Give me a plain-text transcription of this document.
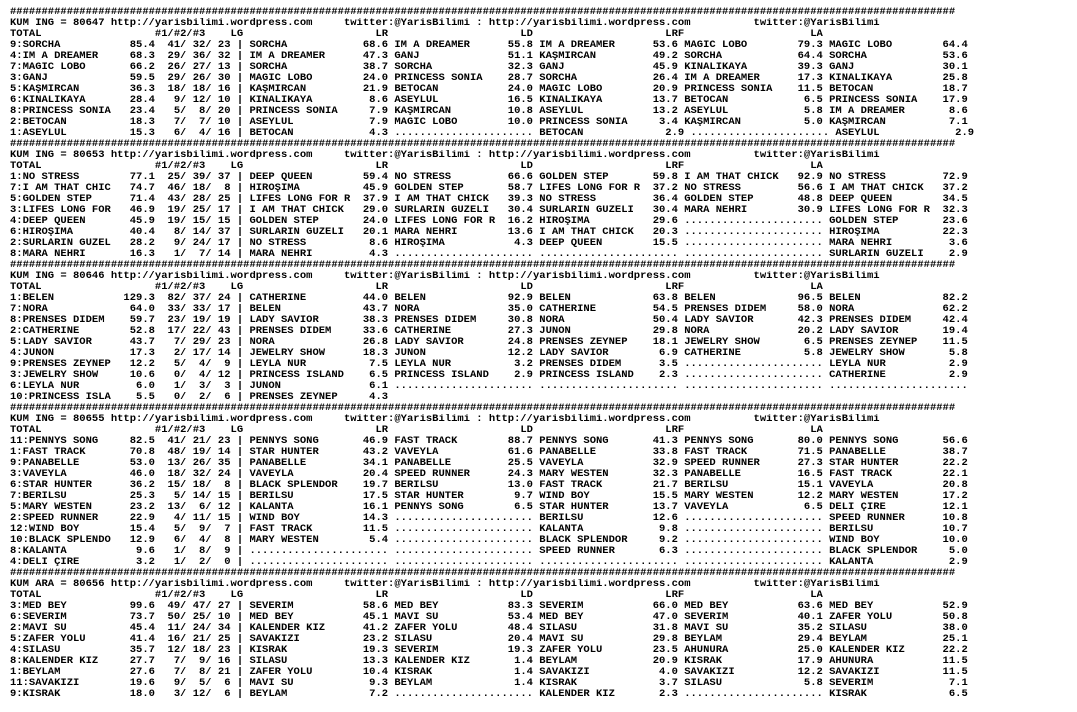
######################################################################################################################################################
KUM ING = 80647 http://yarisbilimi.wordpress.com     twitter:@YarisBilimi : http://yarisbilimi.wordpress.com          twitter:@YarisBilimi
TOTAL                  #1/#2/#3    LG                     LR                     LD                     LRF                    LA
9:SORCHA           85.4  41/ 32/ 23 | SORCHA            68.6 IM A DREAMER      55.8 IM A DREAMER      53.6 MAGIC LOBO        79.3 MAGIC LOBO        64.4
4:IM A DREAMER     68.3  29/ 36/ 32 | IM A DREAMER      47.3 GANJ              51.1 KAŞMIRCAN         49.2 SORCHA            64.4 SORCHA            53.6
7:MAGIC LOBO       66.2  26/ 27/ 13 | SORCHA            38.7 SORCHA            32.3 GANJ              45.9 KINALIKAYA        39.3 GANJ              30.1
3:GANJ             59.5  29/ 26/ 30 | MAGIC LOBO        24.0 PRINCESS SONIA    28.7 SORCHA            26.4 IM A DREAMER      17.3 KINALIKAYA        25.8
5:KAŞMIRCAN        36.3  18/ 18/ 16 | KAŞMIRCAN         21.9 BETOCAN           24.0 MAGIC LOBO        20.9 PRINCESS SONIA    11.5 BETOCAN           18.7
6:KINALIKAYA       28.4   9/ 12/ 10 | KINALIKAYA         8.6 ASEYLÜL           16.5 KINALIKAYA        13.7 BETOCAN            6.5 PRINCESS SONIA    17.9
8:PRINCESS SONIA   23.4   5/  8/ 20 | PRINCESS SONIA     7.9 KAŞMIRCAN         10.8 ASEYLÜL           13.2 ASEYLÜL            5.8 IM A DREAMER       8.6
2:BETOCAN          18.3   7/  7/ 10 | ASEYLÜL            7.9 MAGIC LOBO        10.0 PRINCESS SONIA     3.4 KAŞMIRCAN          5.0 KAŞMIRCAN          7.1
1:ASEYLÜL          15.3   6/  4/ 16 | BETOCAN            4.3 ...................... BETOCAN             2.9 ...................... ASEYLÜL            2.9
######################################################################################################################################################
KUM ING = 80653 http://yarisbilimi.wordpress.com     twitter:@YarisBilimi : http://yarisbilimi.wordpress.com          twitter:@YarisBilimi
TOTAL                  #1/#2/#3    LG                     LR                     LD                     LRF                    LA
1:NO STRESS        77.1  25/ 39/ 37 | DEEP QUEEN        59.4 NO STRESS         66.6 GOLDEN STEP       59.8 I AM THAT CHICK   92.9 NO STRESS         72.9
7:I AM THAT CHIC   74.7  46/ 18/  8 | HİROŞİMA          45.9 GOLDEN STEP       58.7 LIFES LONG FOR R  37.2 NO STRESS         56.6 I AM THAT CHICK   37.2
5:GOLDEN STEP      71.4  43/ 28/ 25 | LIFES LONG FOR R  37.9 I AM THAT CHICK   39.3 NO STRESS         36.4 GOLDEN STEP       48.8 DEEP QUEEN        34.5
3:LIFES LONG FOR   46.9  19/ 25/ 17 | I AM THAT CHICK   29.0 SURLARIN GÜZELİ   30.4 SURLARIN GÜZELİ   30.4 MARA NEHRİ        30.9 LIFES LONG FOR R  32.3
4:DEEP QUEEN       45.9  19/ 15/ 15 | GOLDEN STEP       24.0 LIFES LONG FOR R  16.2 HİROŞİMA          29.6 ...................... GOLDEN STEP       23.6
6:HİROŞİMA         40.4   8/ 14/ 37 | SURLARIN GÜZELİ   20.1 MARA NEHRİ        13.6 I AM THAT CHICK   20.3 ...................... HİROŞİMA          22.3
2:SURLARIN GÜZEL   28.2   9/ 24/ 17 | NO STRESS          8.6 HİROŞİMA           4.3 DEEP QUEEN        15.5 ...................... MARA NEHRİ         3.6
8:MARA NEHRİ       16.3   1/  7/ 14 | MARA NEHRİ         4.3 ...................... ...................... ...................... SURLARIN GÜZELİ    2.9
######################################################################################################################################################
KUM ING = 80646 http://yarisbilimi.wordpress.com     twitter:@YarisBilimi : http://yarisbilimi.wordpress.com          twitter:@YarisBilimi
TOTAL                  #1/#2/#3    LG                     LR                     LD                     LRF                    LA
1:BELEN           129.3  82/ 37/ 24 | CATHERINE         44.0 BELEN             92.9 BELEN             63.8 BELEN             96.5 BELEN             82.2
7:NORA             64.0  33/ 33/ 17 | BELEN             43.7 NORA              35.0 CATHERINE         54.5 PRENSES DİDEM     58.0 NORA              62.2
8:PRENSES DİDEM    59.7  23/ 19/ 19 | LADY SAVIOR       38.3 PRENSES DİDEM     30.8 NORA              50.4 LADY SAVIOR       42.3 PRENSES DİDEM     42.4
2:CATHERINE        52.8  17/ 22/ 43 | PRENSES DİDEM     33.6 CATHERINE         27.3 JUNON             29.8 NORA              20.2 LADY SAVIOR       19.4
5:LADY SAVIOR      43.7   7/ 29/ 23 | NORA              26.8 LADY SAVIOR       24.8 PRENSES ZEYNEP    18.1 JEWELRY SHOW       6.5 PRENSES ZEYNEP    11.5
4:JUNON            17.3   2/ 17/ 14 | JEWELRY SHOW      18.3 JUNON             12.2 LADY SAVIOR        6.9 CATHERINE          5.8 JEWELRY SHOW       5.8
9:PRENSES ZEYNEP   12.2   5/  4/  9 | LEYLA NUR          7.5 LEYLA NUR          3.2 PRENSES DİDEM      3.5 ...................... LEYLA NUR          2.9
3:JEWELRY SHOW     10.6   0/  4/ 12 | PRINCESS ISLAND    6.5 PRINCESS ISLAND    2.9 PRINCESS ISLAND    2.3 ...................... CATHERINE          2.9
6:LEYLA NUR         6.0   1/  3/  3 | JUNON              6.1 ...................... ...................... ...................... ......................
10:PRINCESS ISLA    5.5   0/  2/  6 | PRENSES ZEYNEP     4.3
######################################################################################################################################################
KUM ING = 80655 http://yarisbilimi.wordpress.com     twitter:@YarisBilimi : http://yarisbilimi.wordpress.com          twitter:@YarisBilimi
TOTAL                  #1/#2/#3    LG                     LR                     LD                     LRF                    LA
11:PENNYS SONG     82.5  41/ 21/ 23 | PENNYS SONG       46.9 FAST TRACK        88.7 PENNYS SONG       41.3 PENNYS SONG       80.0 PENNYS SONG       56.6
1:FAST TRACK       70.8  48/ 19/ 14 | STAR HUNTER       43.2 VAVEYLA           61.6 PANABELLE         33.8 FAST TRACK        71.5 PANABELLE         38.7
9:PANABELLE        53.0  13/ 26/ 35 | PANABELLE         34.1 PANABELLE         25.5 VAVEYLA           32.9 SPEED RUNNER      27.3 STAR HUNTER       22.2
3:VAVEYLA          46.0  18/ 32/ 24 | VAVEYLA           20.4 SPEED RUNNER      24.3 MARY WESTEN       32.3 PANABELLE         16.5 FAST TRACK        22.1
6:STAR HUNTER      36.2  15/ 18/  8 | BLACK SPLENDOR    19.7 BERİLSU           13.0 FAST TRACK        21.7 BERİLSU           15.1 VAVEYLA           20.8
7:BERİLSU          25.3   5/ 14/ 15 | BERİLSU           17.5 STAR HUNTER        9.7 WIND BOY          15.5 MARY WESTEN       12.2 MARY WESTEN       17.2
5:MARY WESTEN      23.2  13/  6/ 12 | KALANTA           16.1 PENNYS SONG        6.5 STAR HUNTER       13.7 VAVEYLA            6.5 DELİ ÇİRE         12.1
2:SPEED RUNNER     22.9   4/ 11/ 15 | WIND BOY          14.3 ...................... BERİLSU           12.6 ...................... SPEED RUNNER      10.8
12:WIND BOY        15.4   5/  9/  7 | FAST TRACK        11.5 ...................... KALANTA            9.8 ...................... BERİLSU           10.7
10:BLACK SPLENDO   12.9   6/  4/  8 | MARY WESTEN        5.4 ...................... BLACK SPLENDOR     9.2 ...................... WIND BOY          10.0
8:KALANTA           9.6   1/  8/  9 | ...................... ...................... SPEED RUNNER       6.3 ...................... BLACK SPLENDOR     5.0
4:DELİ ÇİRE         3.2   1/  2/  0 | ...................... ...................... ...................... ...................... KALANTA            2.9
######################################################################################################################################################
KUM ARA = 80656 http://yarisbilimi.wordpress.com     twitter:@YarisBilimi : http://yarisbilimi.wordpress.com          twitter:@YarisBilimi
TOTAL                  #1/#2/#3    LG                     LR                     LD                     LRF                    LA
3:MED BEY          99.6  49/ 47/ 27 | SEVERİM           58.6 MED BEY           83.3 SEVERİM           66.0 MED BEY           63.6 MED BEY           52.9
6:SEVERİM          73.7  50/ 25/ 10 | MED BEY           45.1 MAVİ SU           53.4 MED BEY           47.0 SEVERİM           40.1 ZAFER YOLU        50.8
2:MAVİ SU          45.4  11/ 24/ 34 | KALENDER KIZ      41.2 ZAFER YOLU        48.4 SILASU            31.8 MAVİ SU           35.2 SILASU            38.0
5:ZAFER YOLU       41.4  16/ 21/ 25 | SAVAKIZI          23.2 SILASU            20.4 MAVİ SU           29.8 BEYLAM            29.4 BEYLAM            25.1
4:SILASU           35.7  12/ 18/ 23 | KISRAK            19.3 SEVERİM           19.3 ZAFER YOLU        23.5 AHUNURA           25.0 KALENDER KIZ      22.2
8:KALENDER KIZ     27.7   7/  9/ 16 | SILASU            13.3 KALENDER KIZ       1.4 BEYLAM            20.9 KISRAK            17.9 AHUNURA           11.5
1:BEYLAM           27.6   7/  8/ 21 | ZAFER YOLU        10.4 KISRAK             1.4 SAVAKIZI           4.0 SAVAKIZI          12.2 SAVAKIZI          11.5
11:SAVAKIZI        19.6   9/  5/  6 | MAVİ SU            9.3 BEYLAM             1.4 KISRAK             3.7 SILASU             5.8 SEVERİM            7.1
9:KISRAK           18.0   3/ 12/  6 | BEYLAM             7.2 ...................... KALENDER KIZ       2.3 ...................... KISRAK             6.5
